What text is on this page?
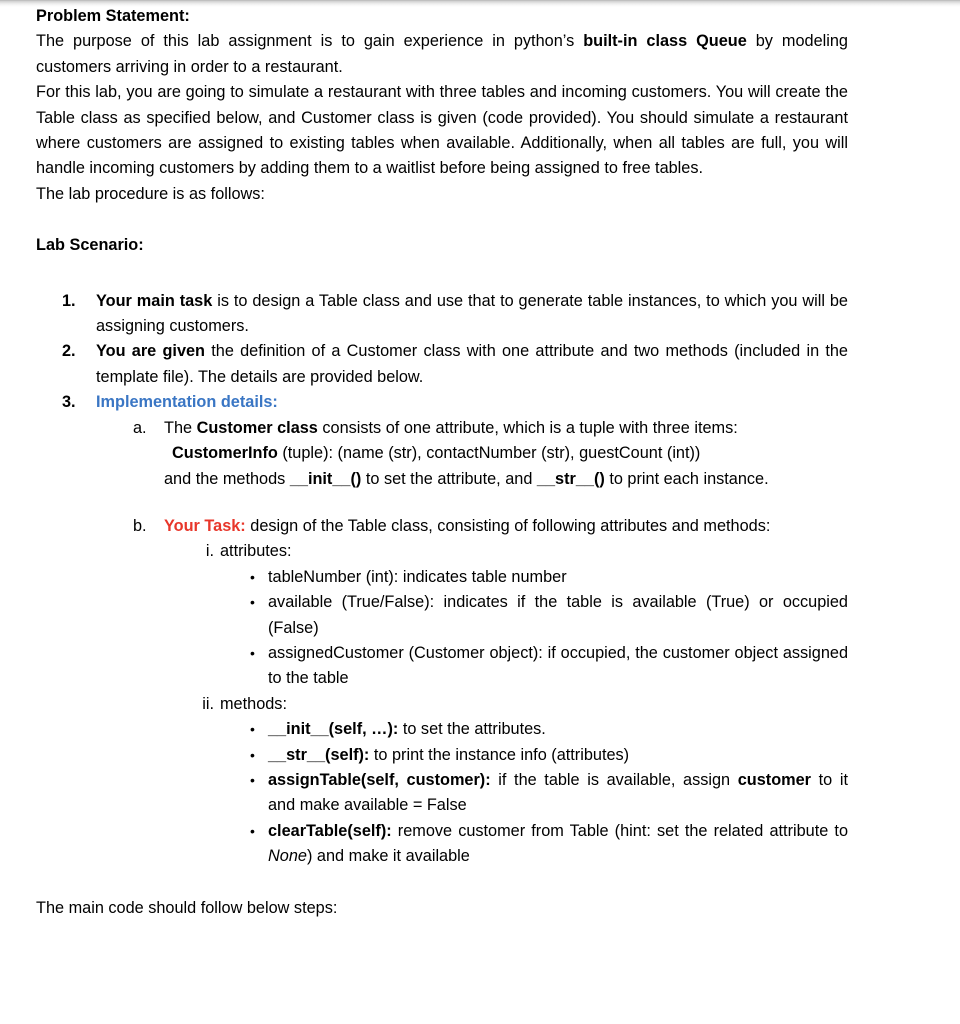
Problem Statement:

The purpose of this lab assignment is to gain experience in python’s built-in class Queue by modeling customers arriving in order to a restaurant.

For this lab, you are going to simulate a restaurant with three tables and incoming customers. You will create the Table class as specified below, and Customer class is given (code provided). You should simulate a restaurant where customers are assigned to existing tables when available. Additionally, when all tables are full, you will handle incoming customers by adding them to a waitlist before being assigned to free tables.

The lab procedure is as follows:

Lab Scenario:
1. Your main task is to design a Table class and use that to generate table instances, to which you will be assigning customers.
2. You are given the definition of a Customer class with one attribute and two methods (included in the template file). The details are provided below.
3. Implementation details:
a. The Customer class consists of one attribute, which is a tuple with three items:
CustomerInfo (tuple): (name (str), contactNumber (str), guestCount (int))
and the methods __init__() to set the attribute, and __str__() to print each instance.
b. Your Task: design of the Table class, consisting of following attributes and methods:
i. attributes:
• tableNumber (int): indicates table number
• available (True/False): indicates if the table is available (True) or occupied (False)
• assignedCustomer (Customer object): if occupied, the customer object assigned to the table
ii. methods:
• __init__(self, …): to set the attributes.
• __str__(self): to print the instance info (attributes)
• assignTable(self, customer): if the table is available, assign customer to it and make available = False
• clearTable(self): remove customer from Table (hint: set the related attribute to None) and make it available

The main code should follow below steps:
